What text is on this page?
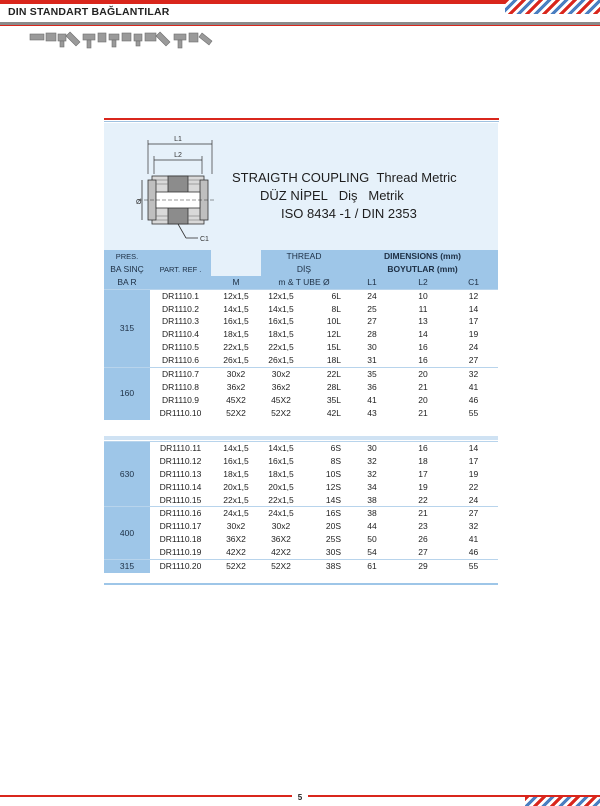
DIN STANDART BAĞLANTILAR
L1
L2
Ø
C1
STRAIGTH COUPLING Thread Metric
DÜZ NİPEL Diş Metrik
ISO 8434 -1 / DIN 2353
PRES.	PART. REF .		THREAD		DIMENSIONS (mm)		
BA SINÇ			DİŞ		BOYUTLAR (mm)		
BA R		M	m & T UBE Ø		L1	L2	C1
315	DR1110.1	12x1,5	12x1,5	6L	24	10	12
	DR1110.2	14x1,5	14x1,5	8L	25	11	14
	DR1110.3	16x1,5	16x1,5	10L	27	13	17
	DR1110.4	18x1,5	18x1,5	12L	28	14	19
	DR1110.5	22x1,5	22x1,5	15L	30	16	24
	DR1110.6	26x1,5	26x1,5	18L	31	16	27
160	DR1110.7	30x2	30x2	22L	35	20	32
	DR1110.8	36x2	36x2	28L	36	21	41
	DR1110.9	45X2	45X2	35L	41	20	46
	DR1110.10	52X2	52X2	42L	43	21	55
630	DR1110.11	14x1,5	14x1,5	6S	30	16	14
	DR1110.12	16x1,5	16x1,5	8S	32	18	17
	DR1110.13	18x1,5	18x1,5	10S	32	17	19
	DR1110.14	20x1,5	20x1,5	12S	34	19	22
	DR1110.15	22x1,5	22x1,5	14S	38	22	24
400	DR1110.16	24x1,5	24x1,5	16S	38	21	27
	DR1110.17	30x2	30x2	20S	44	23	32
	DR1110.18	36X2	36X2	25S	50	26	41
	DR1110.19	42X2	42X2	30S	54	27	46
315	DR1110.20	52X2	52X2	38S	61	29	55
5
